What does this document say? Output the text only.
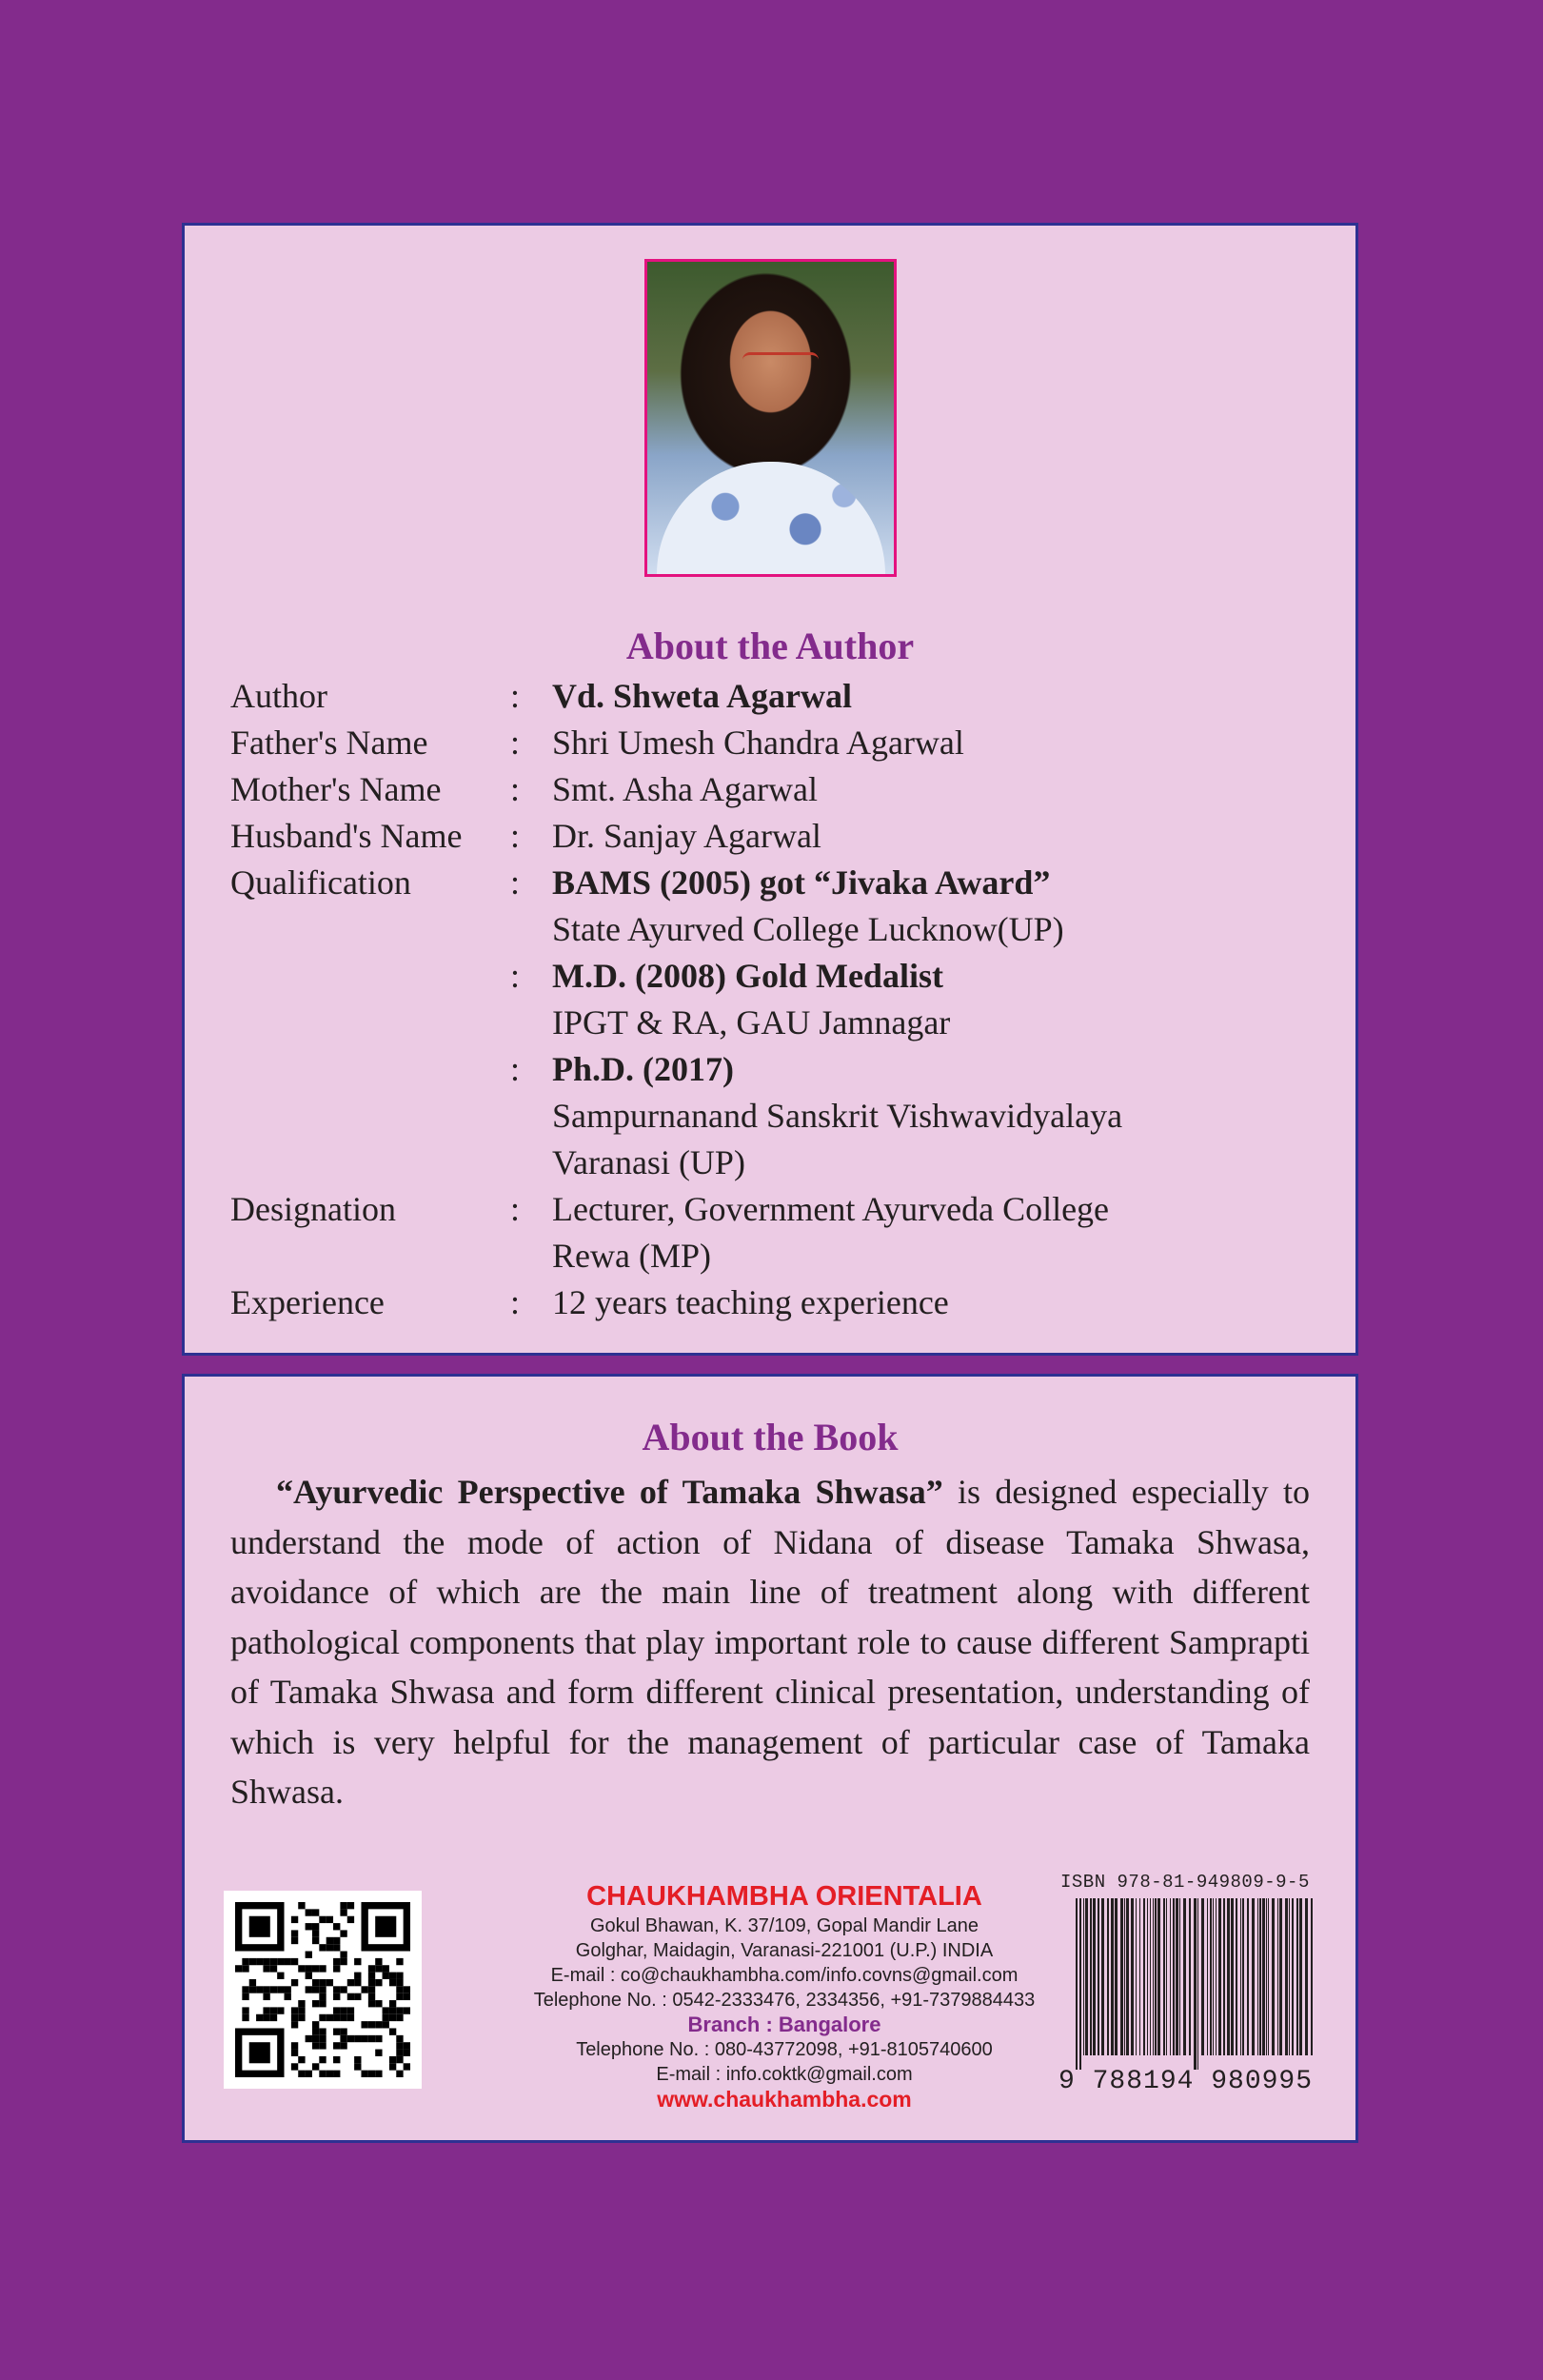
About the Author
Author	: Vd. Shweta Agarwal
Father's Name	: Shri Umesh Chandra Agarwal
Mother's Name	: Smt. Asha Agarwal
Husband's Name	: Dr. Sanjay Agarwal
Qualification	: BAMS (2005) got “Jivaka Award”
State Ayurved College Lucknow(UP)
: M.D. (2008) Gold Medalist
IPGT & RA, GAU Jamnagar
: Ph.D. (2017)
Sampurnanand Sanskrit Vishwavidyalaya
Varanasi (UP)
Designation	: Lecturer, Government Ayurveda College
Rewa (MP)
Experience	: 12 years teaching experience
About the Book

“Ayurvedic Perspective of Tamaka Shwasa” is designed especially to understand the mode of action of Nidana of disease Tamaka Shwasa, avoidance of which are the main line of treatment along with different pathological components that play important role to cause different Samprapti of Tamaka Shwasa and form different clinical presentation, understanding of which is very helpful for the management of particular case of Tamaka Shwasa.

CHAUKHAMBHA ORIENTALIA
Gokul Bhawan, K. 37/109, Gopal Mandir Lane
Golghar, Maidagin, Varanasi-221001 (U.P.) INDIA
E-mail : co@chaukhambha.com/info.covns@gmail.com
Telephone No. : 0542-2333476, 2334356, +91-7379884433
Branch : Bangalore
Telephone No. : 080-43772098, +91-8105740600
E-mail : info.coktk@gmail.com
www.chaukhambha.com
ISBN 978-81-949809-9-5
9 788194 980995
